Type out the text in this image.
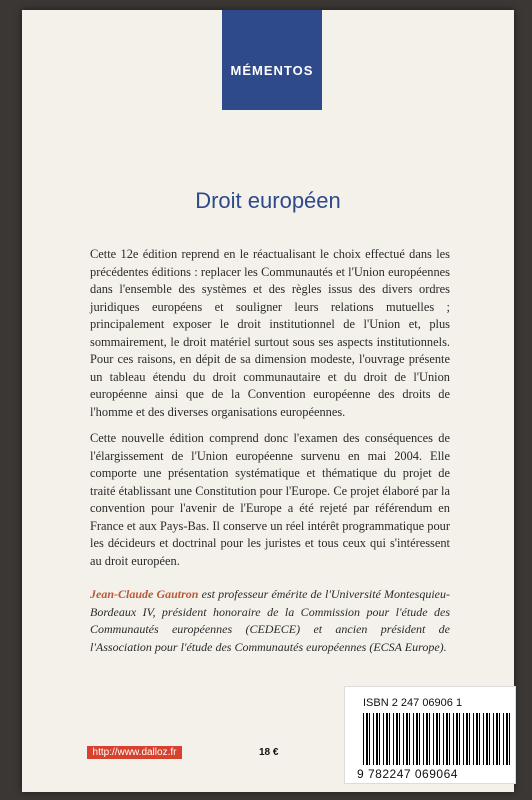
MÉMENTOS
Droit européen
Cette 12e édition reprend en le réactualisant le choix effectué dans les précédentes éditions : replacer les Communautés et l'Union européennes dans l'ensemble des systèmes et des règles issus des divers ordres juridiques européens et souligner leurs relations mutuelles ; principalement exposer le droit institutionnel de l'Union et, plus sommairement, le droit matériel surtout sous ses aspects institutionnels. Pour ces raisons, en dépit de sa dimension modeste, l'ouvrage présente un tableau étendu du droit communautaire et du droit de l'Union européenne ainsi que de la Convention européenne des droits de l'homme et des diverses organisations européennes.
Cette nouvelle édition comprend donc l'examen des conséquences de l'élargissement de l'Union européenne survenu en mai 2004. Elle comporte une présentation systématique et thématique du projet de traité établissant une Constitution pour l'Europe. Ce projet élaboré par la convention pour l'avenir de l'Europe a été rejeté par référendum en France et aux Pays-Bas. Il conserve un réel intérêt programmatique pour les décideurs et doctrinal pour les juristes et tous ceux qui s'intéressent au droit européen.
Jean-Claude Gautron est professeur émérite de l'Université Montesquieu-Bordeaux IV, président honoraire de la Commission pour l'étude des Communautés européennes (CEDECE) et ancien président de l'Association pour l'étude des Communautés européennes (ECSA Europe).
ISBN 2 247 06906 1
9 782247 069064
http://www.dalloz.fr	18 €
